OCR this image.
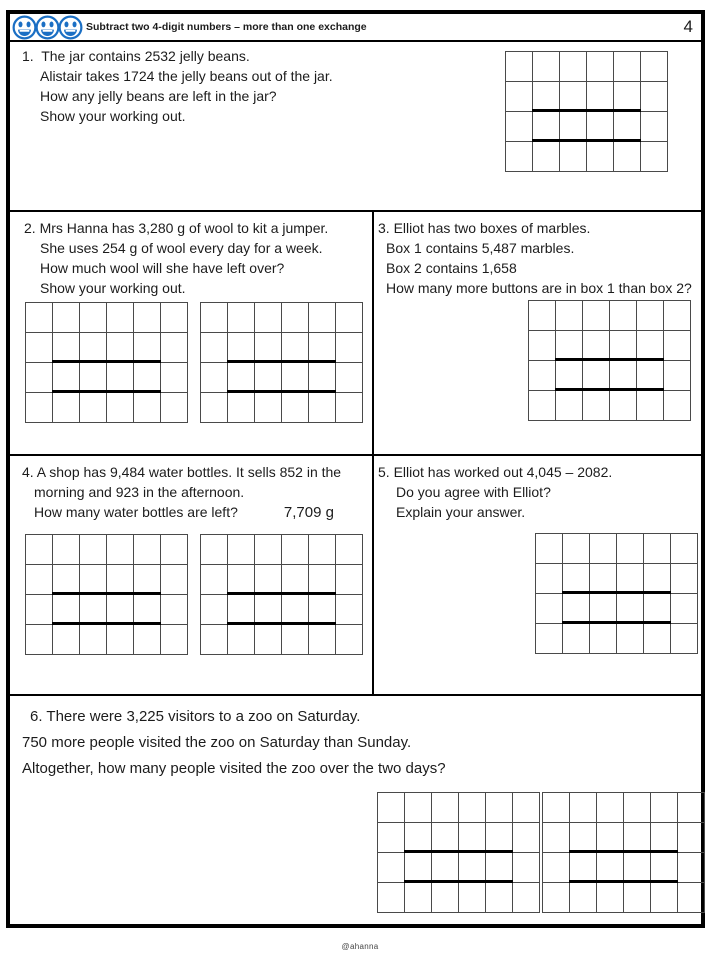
Subtract two 4-digit numbers – more than one exchange	4
1.  The jar contains 2532 jelly beans.
Alistair takes 1724 the jelly beans out of the jar.
How any jelly beans are left in the jar?
Show your working out.
2. Mrs Hanna has 3,280 g of wool to kit a jumper.
She uses 254 g of wool every day for a week.
How much wool will she have left over?
Show your working out.
3. Elliot has two boxes of marbles.
Box 1 contains 5,487 marbles.
Box 2 contains 1,658
How many more buttons are in box 1 than box 2?
4. A shop has 9,484 water bottles. It sells 852 in the
morning and 923 in the afternoon.
How many water bottles are left?	7,709 g
5. Elliot has worked out 4,045 – 2082.
Do you agree with Elliot?
Explain your answer.
6. There were 3,225 visitors to a zoo on Saturday.
750 more people visited the zoo on Saturday than Sunday.
Altogether, how many people visited the zoo over the two days?
@ahanna
